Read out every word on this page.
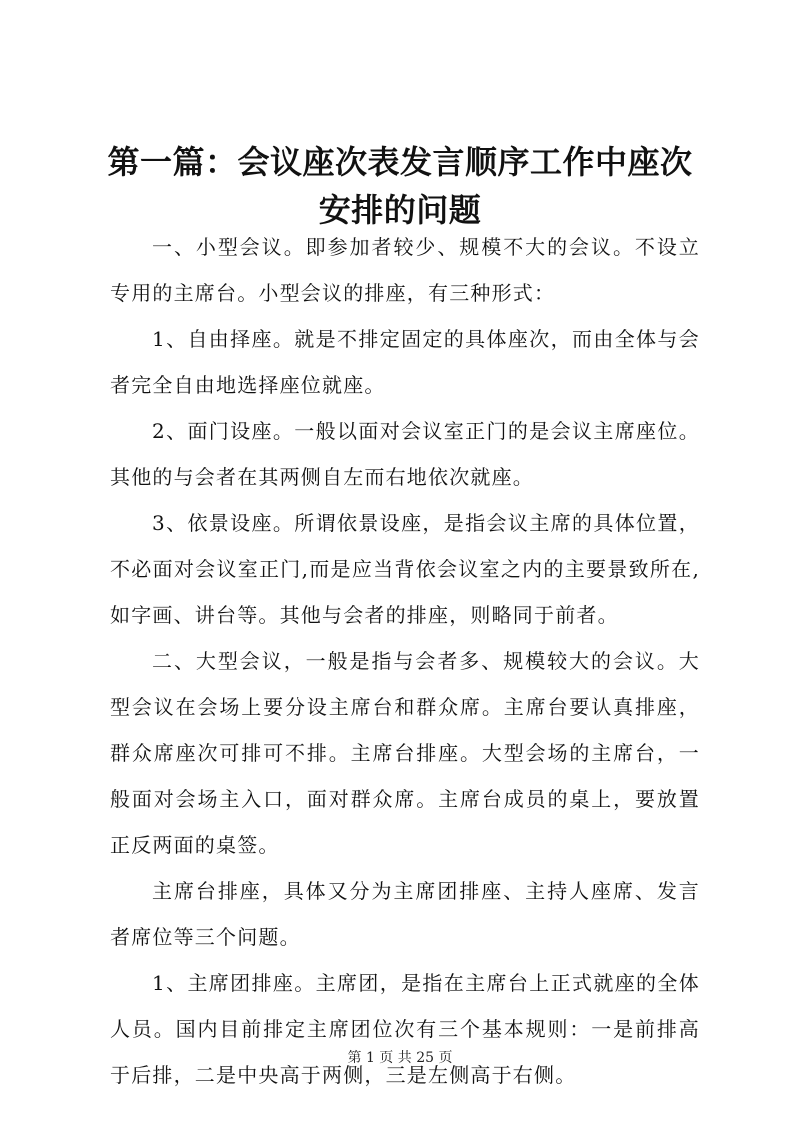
第一篇：会议座次表发言顺序工作中座次安排的问题

一、小型会议。即参加者较少、规模不大的会议。不设立专用的主席台。小型会议的排座，有三种形式：

1、自由择座。就是不排定固定的具体座次，而由全体与会者完全自由地选择座位就座。

2、面门设座。一般以面对会议室正门的是会议主席座位。其他的与会者在其两侧自左而右地依次就座。

3、依景设座。所谓依景设座，是指会议主席的具体位置，不必面对会议室正门,而是应当背依会议室之内的主要景致所在,如字画、讲台等。其他与会者的排座，则略同于前者。

二、大型会议，一般是指与会者多、规模较大的会议。大型会议在会场上要分设主席台和群众席。主席台要认真排座，群众席座次可排可不排。主席台排座。大型会场的主席台，一般面对会场主入口，面对群众席。主席台成员的桌上，要放置正反两面的桌签。

主席台排座，具体又分为主席团排座、主持人座席、发言者席位等三个问题。

1、主席团排座。主席团，是指在主席台上正式就座的全体人员。国内目前排定主席团位次有三个基本规则：一是前排高于后排，二是中央高于两侧，三是左侧高于右侧。

第 1 页 共 25 页
